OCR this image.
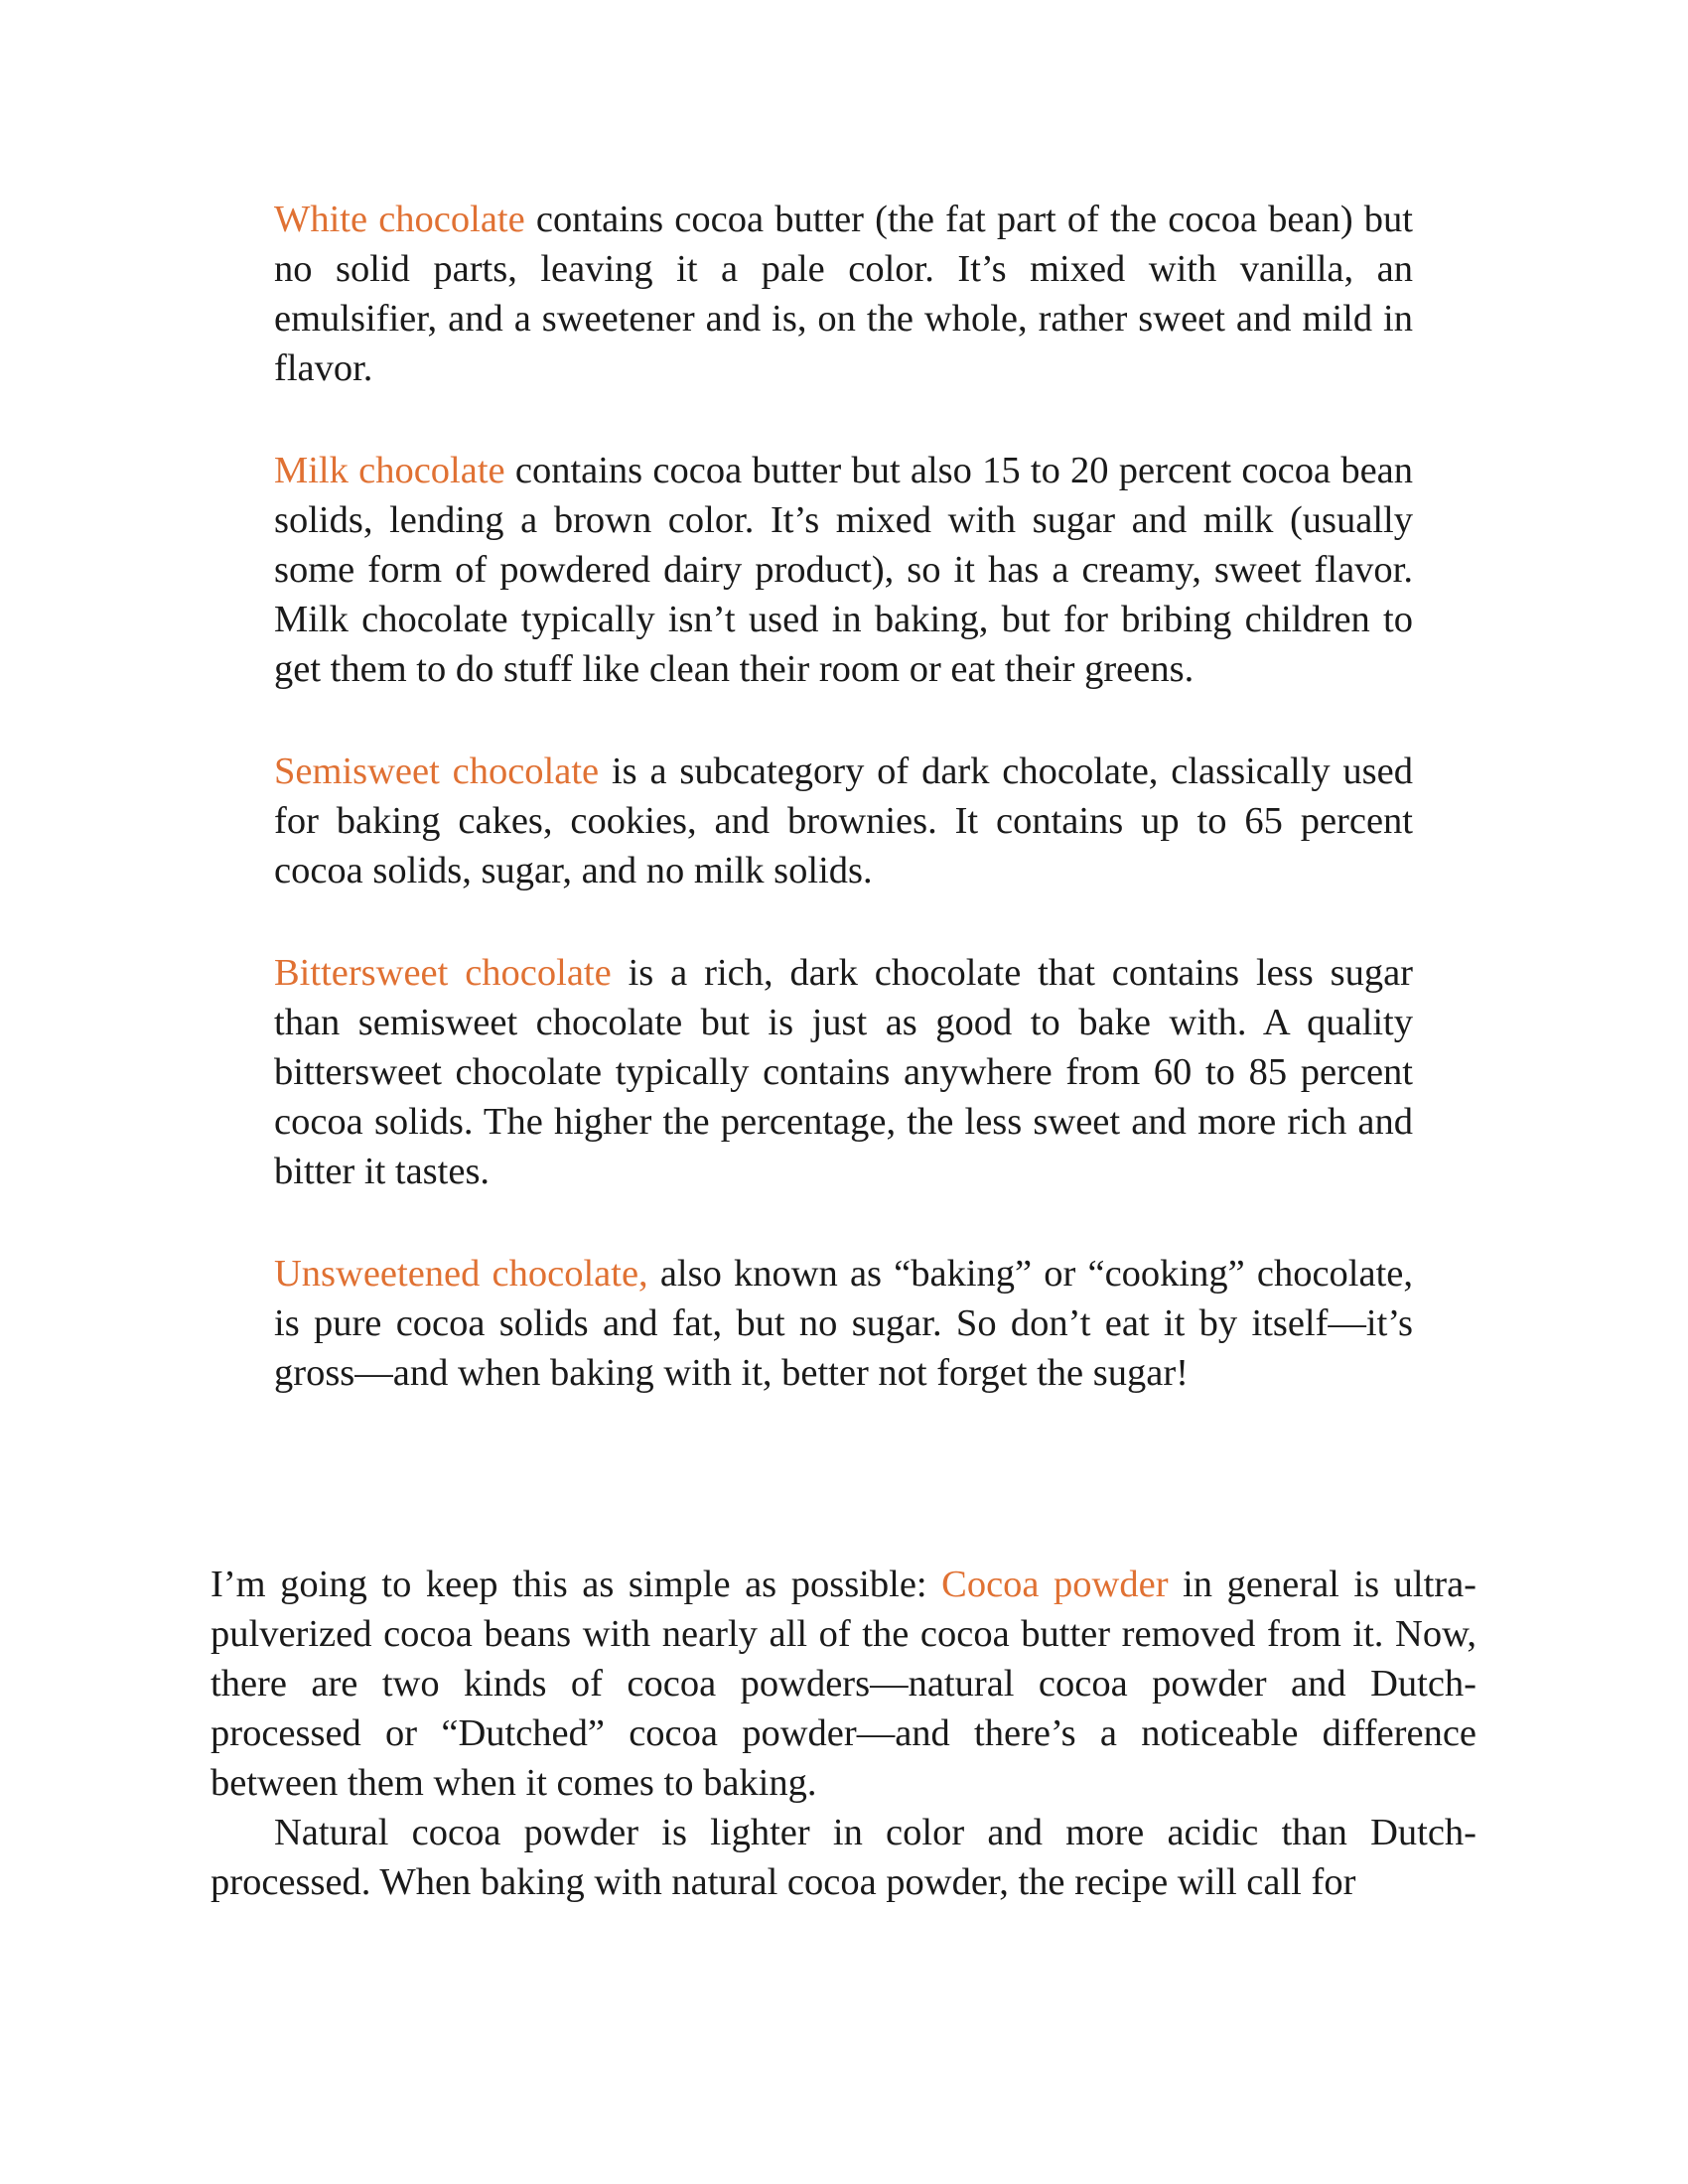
White chocolate contains cocoa butter (the fat part of the cocoa bean) but no solid parts, leaving it a pale color. It’s mixed with vanilla, an emulsifier, and a sweetener and is, on the whole, rather sweet and mild in flavor.

Milk chocolate contains cocoa butter but also 15 to 20 percent cocoa bean solids, lending a brown color. It’s mixed with sugar and milk (usually some form of powdered dairy product), so it has a creamy, sweet flavor. Milk chocolate typically isn’t used in baking, but for bribing children to get them to do stuff like clean their room or eat their greens.

Semisweet chocolate is a subcategory of dark chocolate, classically used for baking cakes, cookies, and brownies. It contains up to 65 percent cocoa solids, sugar, and no milk solids.

Bittersweet chocolate is a rich, dark chocolate that contains less sugar than semisweet chocolate but is just as good to bake with. A quality bittersweet chocolate typically contains anywhere from 60 to 85 percent cocoa solids. The higher the percentage, the less sweet and more rich and bitter it tastes.

Unsweetened chocolate, also known as “baking” or “cooking” chocolate, is pure cocoa solids and fat, but no sugar. So don’t eat it by itself—it’s gross—and when baking with it, better not forget the sugar!

I’m going to keep this as simple as possible: Cocoa powder in general is ultra-pulverized cocoa beans with nearly all of the cocoa butter removed from it. Now, there are two kinds of cocoa powders—natural cocoa powder and Dutch-processed or “Dutched” cocoa powder—and there’s a noticeable difference between them when it comes to baking.

Natural cocoa powder is lighter in color and more acidic than Dutch-processed. When baking with natural cocoa powder, the recipe will call for
